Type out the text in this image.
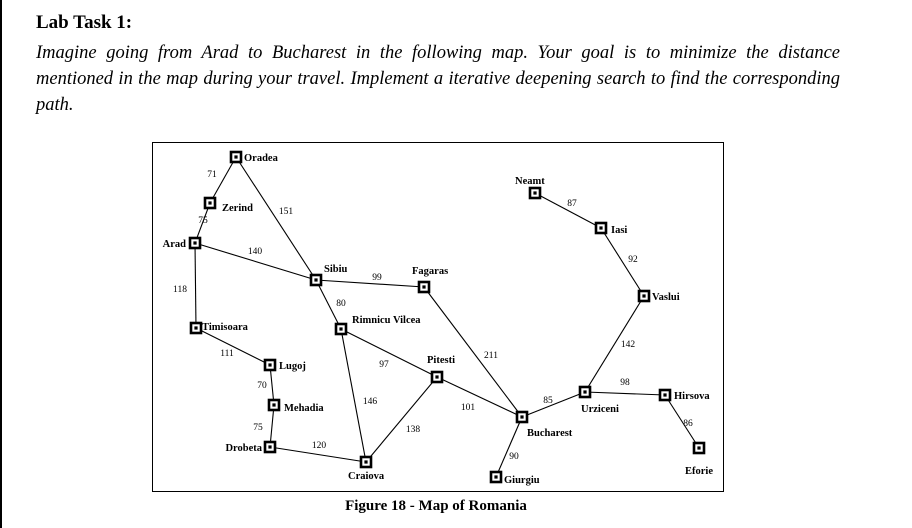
Lab Task 1:
Imagine going from Arad to Bucharest in the following map. Your goal is to minimize the distance mentioned in the map during your travel. Implement a iterative deepening search to find the corresponding path.
71
75
151
140
118
111
70
75
120
99
80
97
146
138
211
101
90
85
142
92
87
98
86
Oradea
Zerind
Arad
Timisoara
Lugoj
Mehadia
Drobeta
Sibiu
Rimnicu Vilcea
Craiova
Fagaras
Pitesti
Bucharest
Giurgiu
Urziceni
Neamt
Iasi
Vaslui
Hirsova
Eforie
Figure 18 - Map of Romania
